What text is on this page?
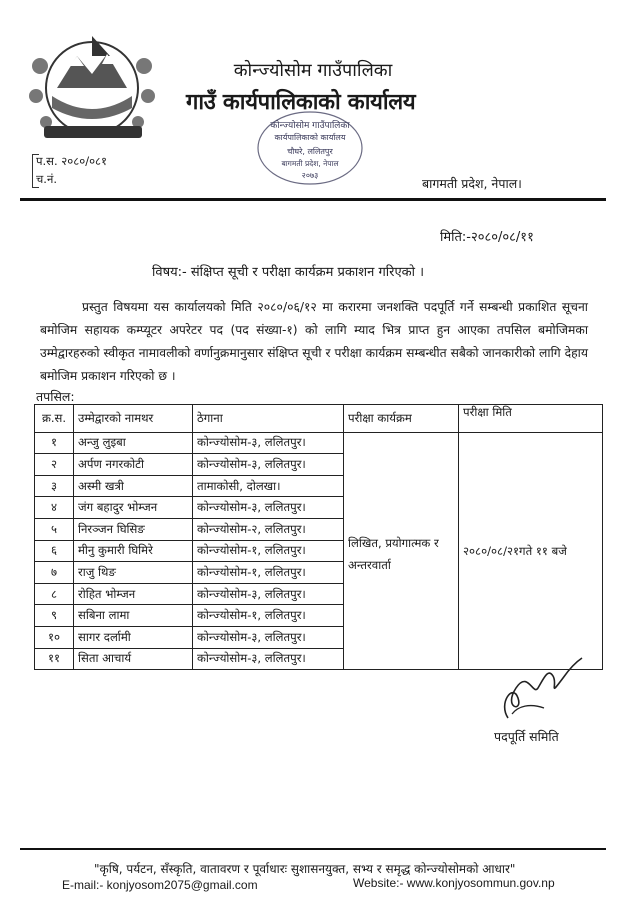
कोन्ज्योसोम गाउँपालिका
गाउँ कार्यपालिकाको कार्यालय
कोन्ज्योसोम गाउँपालिका
कार्यपालिकाको कार्यालय
चौघरे, ललितपुर
बागमती प्रदेश, नेपाल
२०७३
प.स. २०८०/०८१
च.नं.	बागमती प्रदेश, नेपाल।
मिति:-२०८०/०८/११
विषय:- संक्षिप्त सूची र परीक्षा कार्यक्रम प्रकाशन गरिएको ।
प्रस्तुत विषयमा यस कार्यालयको मिति २०८०/०६/१२ मा करारमा जनशक्ति पदपूर्ति गर्ने सम्बन्धी प्रकाशित सूचना बमोजिम सहायक कम्प्यूटर अपरेटर पद (पद संख्या-१) को लागि म्याद भित्र प्राप्त हुन आएका तपसिल बमोजिमका उम्मेद्वारहरुको स्वीकृत नामावलीको वर्णानुक्रमानुसार संक्षिप्त सूची र परीक्षा कार्यक्रम सम्बन्धीत सबैको जानकारीको लागि देहाय बमोजिम प्रकाशन गरिएको छ ।
तपसिल:
क्र.स.	उम्मेद्वारको नामथर	ठेगाना	परीक्षा कार्यक्रम	परीक्षा मिति
१	अन्जु लुइबा	कोन्ज्योसोम-३, ललितपुर।	लिखित, प्रयोगात्मक र अन्तरवार्ता	२०८०/०८/२१गते ११ बजे
२	अर्पण नगरकोटी	कोन्ज्योसोम-३, ललितपुर।		
३	अस्मी खत्री	तामाकोसी, दोलखा।		
४	जंग बहादुर भोम्जन	कोन्ज्योसोम-३, ललितपुर।		
५	निरञ्जन घिसिङ	कोन्ज्योसोम-२, ललितपुर।		
६	मीनु कुमारी घिमिरे	कोन्ज्योसोम-१, ललितपुर।		
७	राजु थिङ	कोन्ज्योसोम-१, ललितपुर।		
८	रोहित भोम्जन	कोन्ज्योसोम-३, ललितपुर।		
९	सबिना लामा	कोन्ज्योसोम-१, ललितपुर।		
१०	सागर दर्लामी	कोन्ज्योसोम-३, ललितपुर।		
११	सिता आचार्य	कोन्ज्योसोम-३, ललितपुर।		
पदपूर्ति समिति
"कृषि, पर्यटन, सँस्कृति, वातावरण र पूर्वाधारः सुशासनयुक्त, सभ्य र समृद्ध कोन्ज्योसोमको आधार"
E-mail:- konjyosom2075@gmail.com	Website:- www.konjyosommun.gov.np
